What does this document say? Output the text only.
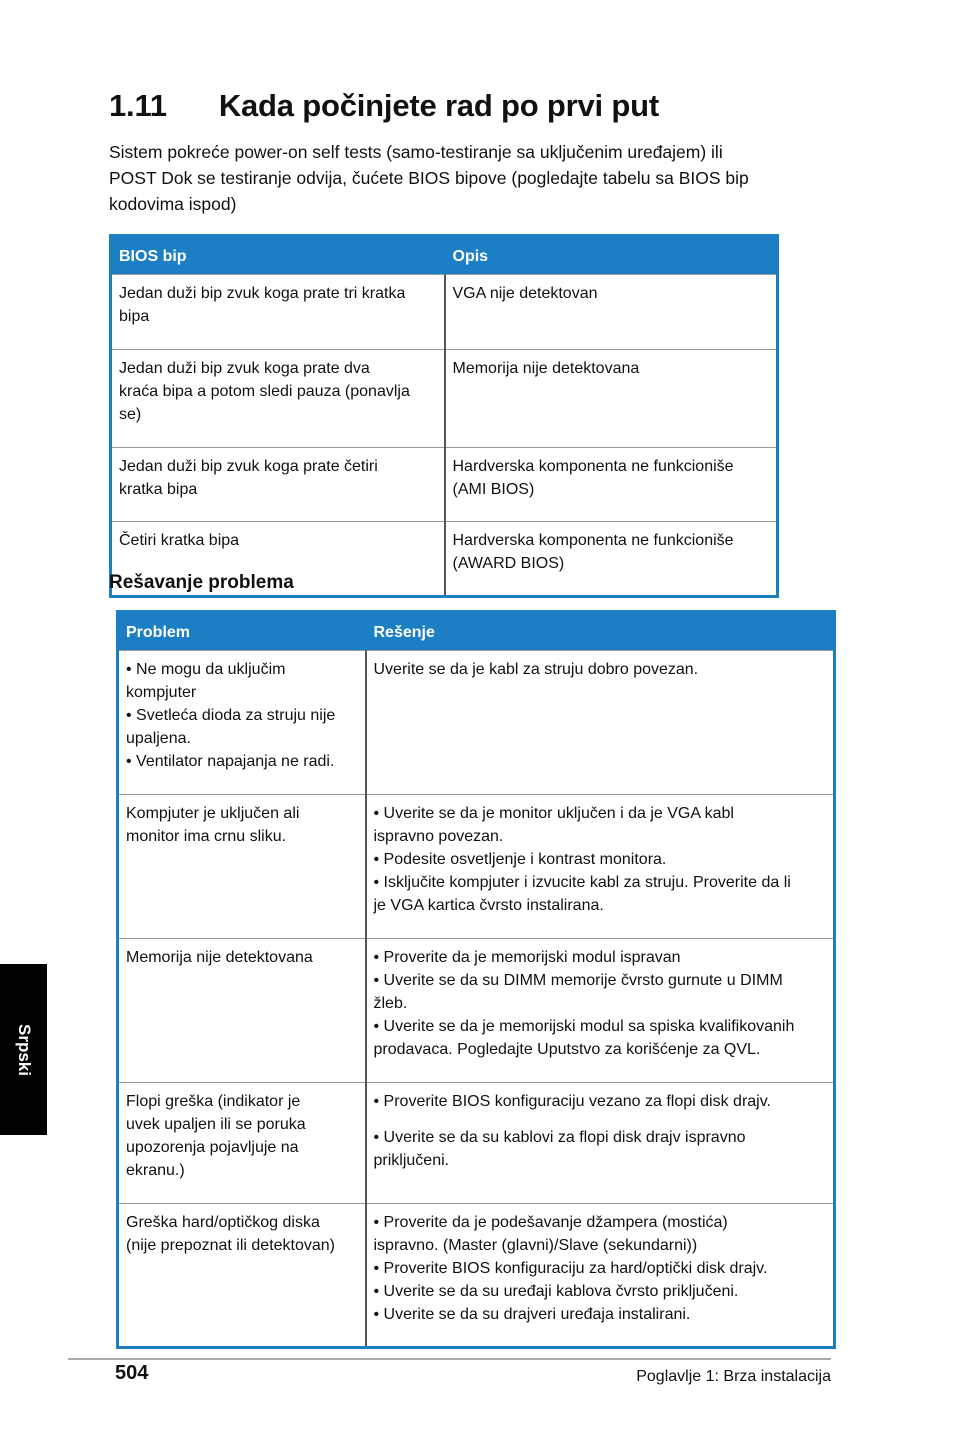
1.11 Kada počinjete rad po prvi put

Sistem pokreće power-on self tests (samo-testiranje sa uključenim uređajem) ili
POST Dok se testiranje odvija, čućete BIOS bipove (pogledajte tabelu sa BIOS bip
kodovima ispod)

BIOS bip	Opis

Jedan duži bip zvuk koga prate tri kratka
bipa	VGA nije detektovan

Jedan duži bip zvuk koga prate dva
kraća bipa a potom sledi pauza (ponavlja
se)	Memorija nije detektovana

Jedan duži bip zvuk koga prate četiri
kratka bipa	Hardverska komponenta ne funkcioniše
(AMI BIOS)

Četiri kratka bipa	Hardverska komponenta ne funkcioniše
(AWARD BIOS)
Rešavanje problema
Problem	Rešenje

• Ne mogu da uključim
kompjuter
• Svetleća dioda za struju nije
upaljena.
• Ventilator napajanja ne radi.	Uverite se da je kabl za struju dobro povezan.

Kompjuter je uključen ali
monitor ima crnu sliku.	• Uverite se da je monitor uključen i da je VGA kabl
ispravno povezan.
• Podesite osvetljenje i kontrast monitora.
• Isključite kompjuter i izvucite kabl za struju. Proverite da li
je VGA kartica čvrsto instalirana.

Memorija nije detektovana	• Proverite da je memorijski modul ispravan
• Uverite se da su DIMM memorije čvrsto gurnute u DIMM
žleb.
• Uverite se da je memorijski modul sa spiska kvalifikovanih
prodavaca. Pogledajte Uputstvo za korišćenje za QVL.

Flopi greška (indikator je
uvek upaljen ili se poruka
upozorenja pojavljuje na
ekranu.)	• Proverite BIOS konfiguraciju vezano za flopi disk drajv.
• Uverite se da su kablovi za flopi disk drajv ispravno
priključeni.

Greška hard/optičkog diska
(nije prepoznat ili detektovan)	• Proverite da je podešavanje džampera (mostića)
ispravno. (Master (glavni)/Slave (sekundarni))
• Proverite BIOS konfiguraciju za hard/optički disk drajv.
• Uverite se da su uređaji kablova čvrsto priključeni.
• Uverite se da su drajveri uređaja instalirani.
Srpski
504	Poglavlje 1: Brza instalacija
